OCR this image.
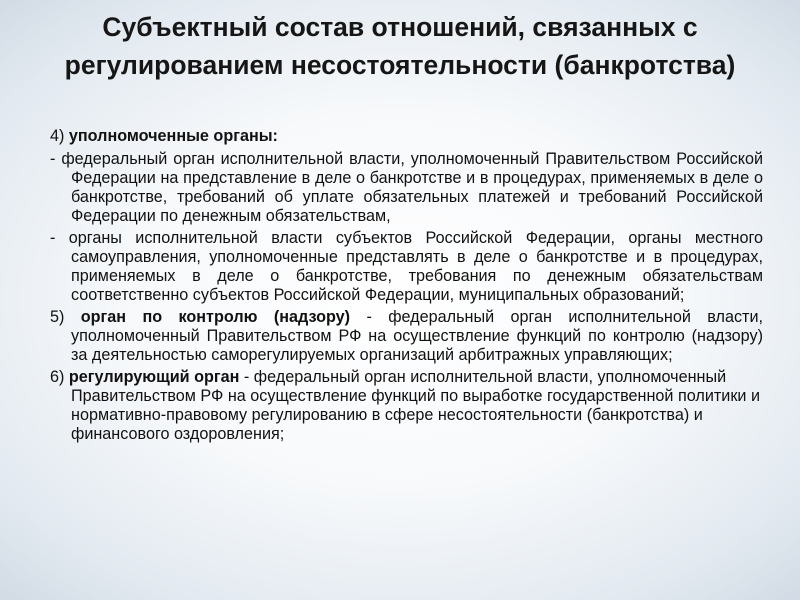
Субъектный состав отношений, связанных с регулированием несостоятельности (банкротства)

4) уполномоченные органы:

- федеральный орган исполнительной власти, уполномоченный Правительством Российской Федерации на представление в деле о банкротстве и в процедурах, применяемых в деле о банкротстве, требований об уплате обязательных платежей и требований Российской Федерации по денежным обязательствам,

- органы исполнительной власти субъектов Российской Федерации, органы местного самоуправления, уполномоченные представлять в деле о банкротстве и в процедурах, применяемых в деле о банкротстве, требования по денежным обязательствам соответственно субъектов Российской Федерации, муниципальных образований;

5) орган по контролю (надзору) - федеральный орган исполнительной власти, уполномоченный Правительством РФ на осуществление функций по контролю (надзору) за деятельностью саморегулируемых организаций арбитражных управляющих;

6) регулирующий орган - федеральный орган исполнительной власти, уполномоченный Правительством РФ на осуществление функций по выработке государственной политики и нормативно-правовому регулированию в сфере несостоятельности (банкротства) и финансового оздоровления;
